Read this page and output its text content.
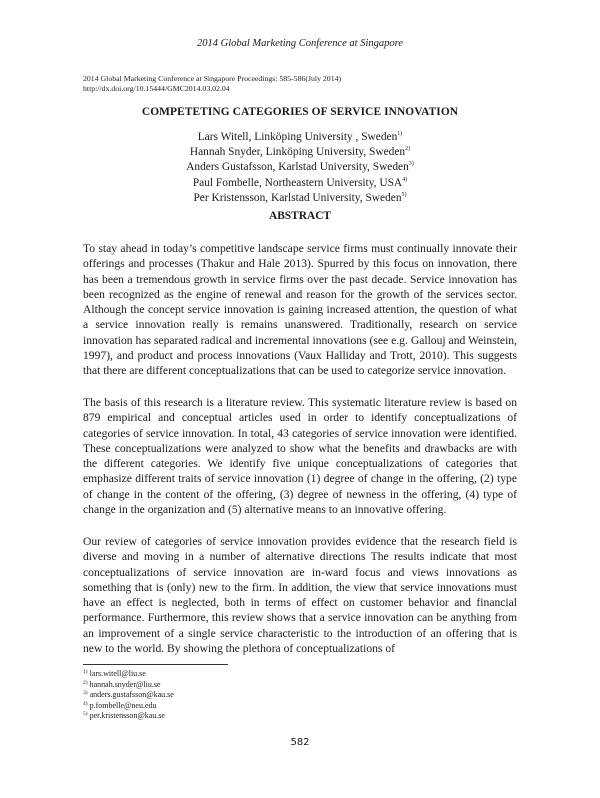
2014 Global Marketing Conference at Singapore
2014 Global Marketing Conference at Singapore Proceedings: 585-586(July 2014)
http://dx.doi.org/10.15444/GMC2014.03.02.04
COMPETETING CATEGORIES OF SERVICE INNOVATION
Lars Witell, Linköping University , Sweden$^{1)}$
Hannah Snyder, Linköping University, Sweden$^{2)}$
Anders Gustafsson, Karlstad University, Sweden$^{3)}$
Paul Fombelle, Northeastern University, USA$^{4)}$
Per Kristensson, Karlstad University, Sweden$^{5)}$
ABSTRACT

To stay ahead in today’s competitive landscape service firms must continually innovate their offerings and processes (Thakur and Hale 2013). Spurred by this focus on innovation, there has been a tremendous growth in service firms over the past decade. Service innovation has been recognized as the engine of renewal and reason for the growth of the services sector. Although the concept service innovation is gaining increased attention, the question of what a service innovation really is remains unanswered. Traditionally, research on service innovation has separated radical and incremental innovations (see e.g. Gallouj and Weinstein, 1997), and product and process innovations (Vaux Halliday and Trott, 2010). This suggests that there are different conceptualizations that can be used to categorize service innovation.

The basis of this research is a literature review. This systematic literature review is based on 879 empirical and conceptual articles used in order to identify conceptualizations of categories of service innovation. In total, 43 categories of service innovation were identified. These conceptualizations were analyzed to show what the benefits and drawbacks are with the different categories. We identify five unique conceptualizations of categories that emphasize different traits of service innovation (1) degree of change in the offering, (2) type of change in the content of the offering, (3) degree of newness in the offering, (4) type of change in the organization and (5) alternative means to an innovative offering.

Our review of categories of service innovation provides evidence that the research field is diverse and moving in a number of alternative directions The results indicate that most conceptualizations of service innovation are in-ward focus and views innovations as something that is (only) new to the firm. In addition, the view that service innovations must have an effect is neglected, both in terms of effect on customer behavior and financial performance. Furthermore, this review shows that a service innovation can be anything from an improvement of a single service characteristic to the introduction of an offering that is new to the world. By showing the plethora of conceptualizations of

$^{1)}$ lars.witell@liu.se
$^{2)}$ hannah.snyder@liu.se
$^{3)}$ anders.gustafsson@kau.se
$^{4)}$ p.fombelle@neu.edu
$^{5)}$ per.kristensson@kau.se
582
